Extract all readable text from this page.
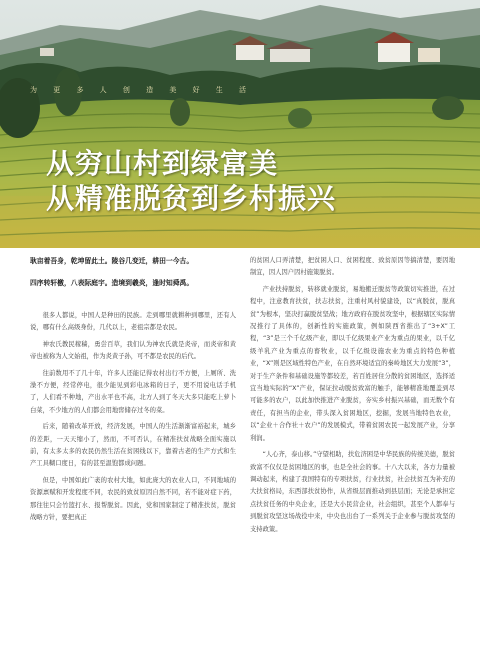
为 更 多 人 创 造 美 好 生 活
从穷山村到绿富美
从精准脱贫到乡村振兴

耿亩着吾身，乾坤留此土。陵谷几变迁，耕田一今古。

四序转轩檄，八表际庭宇。造境到羲炎，逢时知舜禹。

很多人都说，中国人是种田的民族。走到哪里就耕种到哪里，还有人说，哪有什么高级身份，几代以上，老祖宗都是农民。

神农氏教民稼穑，勇尝百草，我们认为神农氏就是炎帝，而炎帝和黄帝也被称为人文始祖，作为炎黄子孙，可不都是农民的后代。

往前数用不了几十年，许多人还能记得农村出行不方便，上厕所、洗澡不方便，经常停电，很少能见到彩电冰箱的日子，更不用说电话手机了，人们看不种地，产出水平也不高，北方人到了冬天大多只能吃上萝卜白菜，不少地方的人们都会用地窖储存过冬的菜。

后来，随着改革开放，经济发展，中国人的生活渐渐富裕起来，城乡的差距，一天天缩小了，然而，不可否认，在精准扶贫战略全面实施以前，有太多太多的农民仍然生活在贫困线以下，靠着古老的生产方式和生产工具糊口度日，有的甚至温饱都成问题。

但是，中国如此广袤的农村大地，如此庞大的农业人口，不同地域的资源禀赋和开发程度不同，农民的致贫原因自然不同，若不能对症下药，那往往只会竹篮打水、报帮脱贫。因此，党和国家制定了精准扶贫，脱贫战略方针，要把真正

的贫困人口弄清楚，把贫困人口、贫困程度、致贫原因等搞清楚，要因地制宜，因人因户因村施策脱贫。

产业扶持脱贫，转移就业脱贫，易地搬迁脱贫等政策切实推进，在过程中，注意教育扶贫，扶志扶贫，注重村风村貌建设，以“真脱贫，脱真贫”为根本，坚决打赢脱贫坚战；地方政府在脱贫攻坚中，根据辖区实际情况推行了具体的，创新性的实施政策，例如陕西省推出了“3+X”工程，“3”是三个千亿级产业，即以千亿级果业产业为重点的果业，以千亿级羊乳产业为重点的畜牧业，以千亿级设施农业为重点的特色种植业，“X”则是区域性特色产业，在自然环境适宜的秦岭地区大力发展“3”，对于生产条件和基础设施等都较差，若百姓居住分散的贫困地区，选择适宜当地实际的“X”产业，保证拉动脱贫致富的触手，能够精准地覆盖到尽可能多的农户，以此加快推进产业脱贫，夯实乡村振兴基础，而无数个有责任，有担当的企业，带头深入贫困地区，挖掘，发展当地特色农业，以“企业＋合作社＋农户”的发展模式，带着贫困农民一起发展产业，分享利润。

“人心齐，泰山移。”守望相助，扶危济困是中华民族的传统美德，脱贫致富不仅仅是贫困地区的事，也是全社会的事。十八大以来，各方力量被调动起来，构建了我国特有的专项扶贫，行业扶贫，社会扶贫互为补充的大扶贫格局，东西部扶贫协作，从省级层面推动到县层面；无论是承担定点扶贫任务的中央企业，还是大小民营企业，社会组织，甚至个人都奉与到脱贫攻坚这场战役中来，中央也出台了一系列关于企业参与脱贫攻坚的支持政策。
